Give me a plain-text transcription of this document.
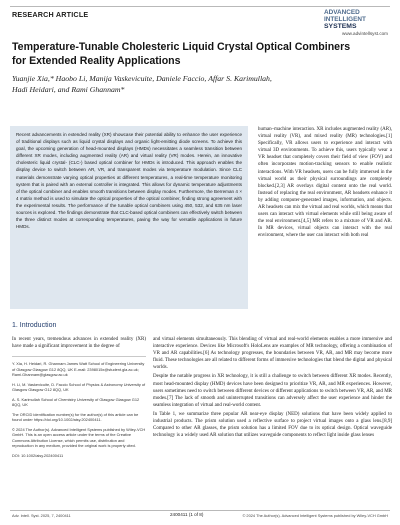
RESEARCH ARTICLE	ADVANCED
INTELLIGENT
SYSTEMS
www.advintellsyst.com
Temperature-Tunable Cholesteric Liquid Crystal Optical Combiners for Extended Reality Applications
Yuanjie Xia,* Haobo Li, Manija Vaskevicuite, Daniele Faccio, Affar S. Karimullah,
Hadi Heidari, and Rami Ghannam*
Recent advancements in extended reality (XR) showcase their potential ability to enhance the user experience of traditional displays such as liquid crystal displays and organic light-emitting diode screens. To achieve this goal, the upcoming generation of head-mounted displays (HMDs) necessitates a seamless transition between different XR modes, including augmented reality (AR) and virtual reality (VR) modes. Herein, an innovative cholesteric liquid crystal- (CLC-) based optical combiner for HMDs is introduced. This approach enables the display device to switch between AR, VR, and transparent modes via temperature modulation. Since CLC materials demonstrate varying optical properties at different temperatures, a real-time temperature monitoring system that is paired with an external controller is integrated. This allows for dynamic temperature adjustments of the optical combiner and enables smooth transitions between display modes. Furthermore, the Berreman 4 × 4 matrix method is used to simulate the optical properties of the optical combiner, finding strong agreement with the experimental results. The performance of the tunable optical combiners using 450, 532, and 635 nm laser sources is explored. The findings demonstrate that CLC-based optical combiners can effectively switch between the three distinct modes at corresponding temperatures, paving the way for versatile applications in future HMDs.
1. Introduction
In recent years, tremendous advances in extended reality (XR) have made a significant improvement in the degree of
Y. Xia, H. Heidari, R. Ghannam James Watt School of Engineering University of Glasgow Glasgow G12 8QQ, UK E-mail: 2398015x@student.gla.ac.uk; Rami.Ghannam@glasgow.ac.uk
H. Li, M. Vaskevicuite, D. Faccio School of Physics & Astronomy University of Glasgow Glasgow G12 8QQ, UK
A. S. Karimullah School of Chemistry University of Glasgow Glasgow G12 8QQ, UK
The ORCID identification number(s) for the author(s) of this article can be found under https://doi.org/10.1002/aisy.202400411.
© 2024 The Author(s). Advanced Intelligent Systems published by Wiley-VCH GmbH. This is an open access article under the terms of the Creative Commons Attribution License, which permits use, distribution and reproduction in any medium, provided the original work is properly cited.
DOI: 10.1002/aisy.202400411
human–machine interaction. XR includes augmented reality (AR), virtual reality (VR), and mixed reality (MR) technologies.[1] Specifically, VR allows users to experience and interact with virtual 3D environments. To achieve this, users typically wear a VR headset that completely covers their field of view (FOV) and often incorporates motion-tracking sensors to enable realistic interactions. With VR headsets, users can be fully immersed in the virtual world as their physical surroundings are completely blocked.[2,3] AR overlays digital content onto the real world. Instead of replacing the real environment, AR headsets enhance it by adding computer-generated images, information, and objects. AR headsets can mix the virtual and real worlds, which means that users can interact with virtual elements while still being aware of the real environment.[4,5] MR refers to a mixture of VR and AR. In MR devices, virtual objects can interact with the real environment, where the user can interact with both real

and virtual elements simultaneously. This blending of virtual and real-world elements enables a more immersive and interactive experience. Devices like Microsoft's HoloLens are examples of MR technology, offering a combination of VR and AR capabilities.[6] As technology progresses, the boundaries between VR, AR, and MR may become more fluid. These technologies are all related to different forms of immersive technologies that blend the digital and physical worlds.

Despite the notable progress in XR technology, it is still a challenge to switch between different XR modes. Recently, most head-mounted display (HMD) devices have been designed to prioritize VR, AR, and MR experiences. However, users sometimes need to switch between different devices or different applications to switch between VR, AR, and MR modes.[7] The lack of smooth and uninterrupted transitions can adversely affect the user experience and hinder the seamless integration of virtual and real-world content.

In Table 1, we summarize three popular AR near-eye display (NED) solutions that have been widely applied to industrial products. The prism solution used a reflective surface to project virtual images onto a glass lens.[8,9] Compared to other AR glasses, the prism solution has a limited FOV due to its optical design. Optical waveguide technology is a widely used AR solution that utilizes waveguide components to reflect light inside glass lenses

Adv. Intell. Syst. 2025, 7, 2400411	2400411 (1 of 8)	© 2024 The Author(s). Advanced Intelligent Systems published by Wiley-VCH GmbH
